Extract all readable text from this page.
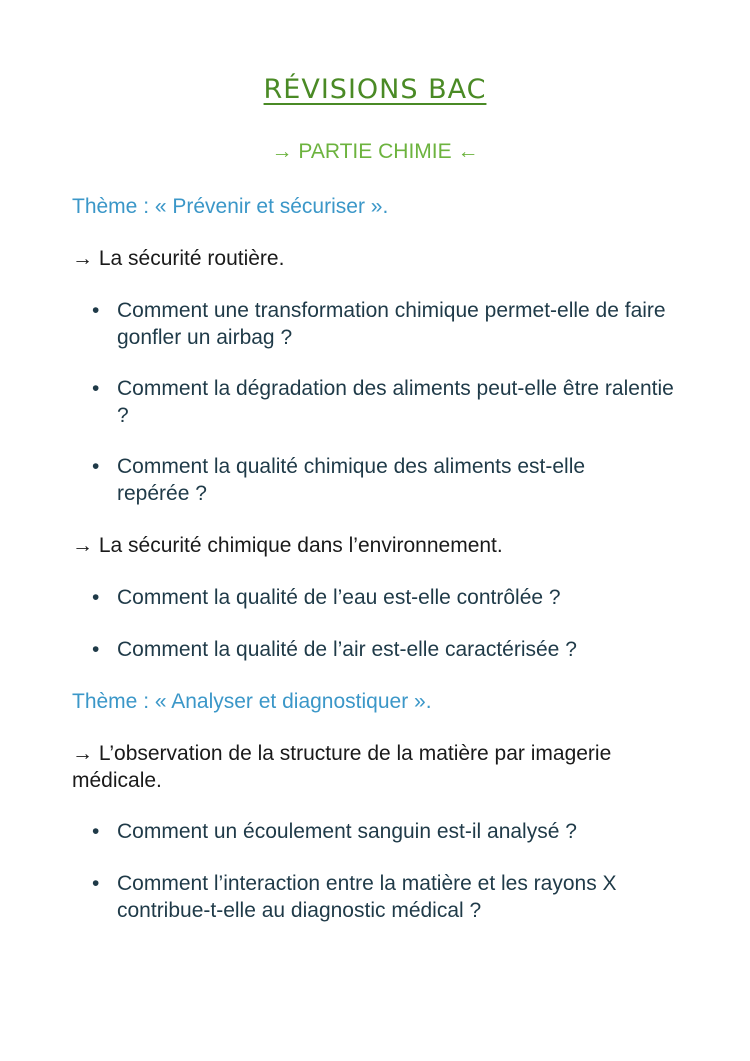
RÉVISIONS BAC
→ PARTIE CHIMIE ←
Thème : « Prévenir et sécuriser ».
→ La sécurité routière.
• Comment une transformation chimique permet-elle de faire gonfler un airbag ?
• Comment la dégradation des aliments peut-elle être ralentie ?
• Comment la qualité chimique des aliments est-elle repérée ?
→ La sécurité chimique dans l’environnement.
• Comment la qualité de l’eau est-elle contrôlée ?
• Comment la qualité de l’air est-elle caractérisée ?
Thème : « Analyser et diagnostiquer ».
→ L’observation de la structure de la matière par imagerie médicale.
• Comment un écoulement sanguin est-il analysé ?
• Comment l’interaction entre la matière et les rayons X contribue-t-elle au diagnostic médical ?
